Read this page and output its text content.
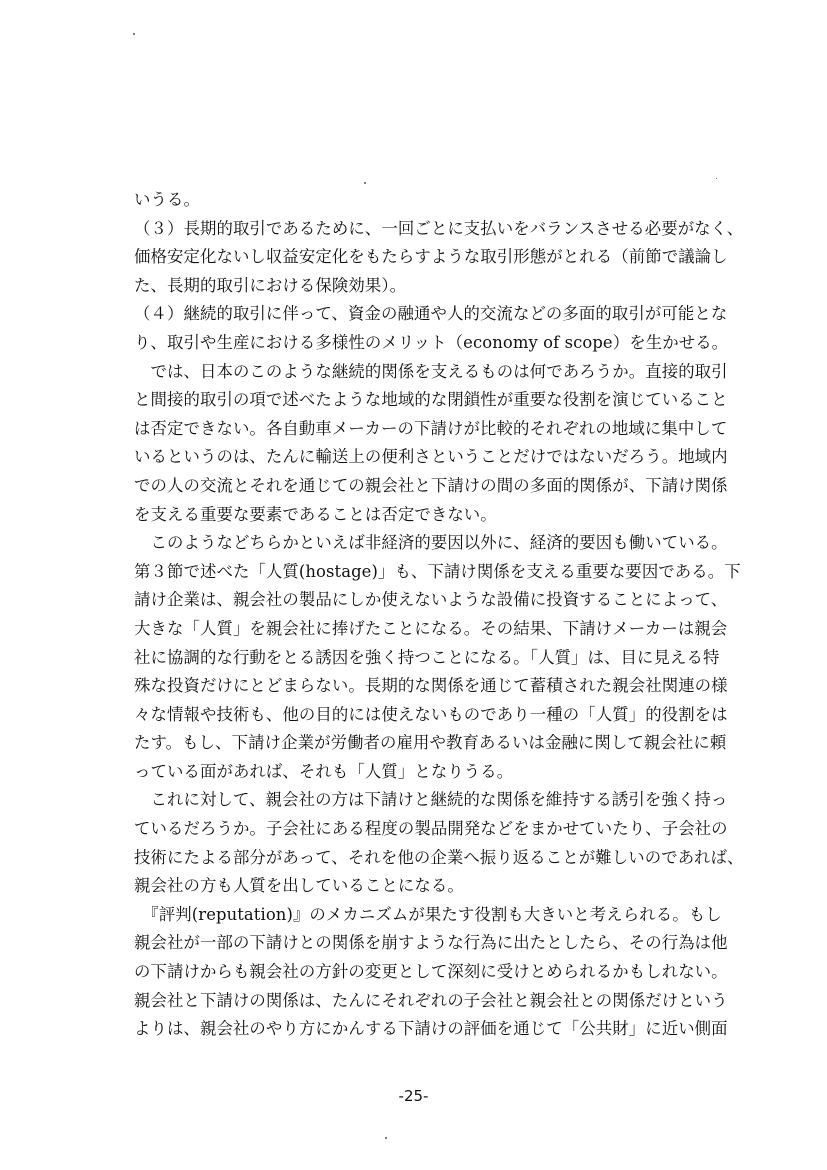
いうる。
（３）長期的取引であるために、一回ごとに支払いをバランスさせる必要がなく、
価格安定化ないし収益安定化をもたらすような取引形態がとれる（前節で議論し
た、長期的取引における保険効果）。
（４）継続的取引に伴って、資金の融通や人的交流などの多面的取引が可能とな
り、取引や生産における多様性のメリット（economy of scope）を生かせる。
　では、日本のこのような継続的関係を支えるものは何であろうか。直接的取引
と間接的取引の項で述べたような地域的な閉鎖性が重要な役割を演じていること
は否定できない。各自動車メーカーの下請けが比較的それぞれの地域に集中して
いるというのは、たんに輸送上の便利さということだけではないだろう。地域内
での人の交流とそれを通じての親会社と下請けの間の多面的関係が、下請け関係
を支える重要な要素であることは否定できない。
　このようなどちらかといえば非経済的要因以外に、経済的要因も働いている。
第３節で述べた「人質(hostage)」も、下請け関係を支える重要な要因である。下
請け企業は、親会社の製品にしか使えないような設備に投資することによって、
大きな「人質」を親会社に捧げたことになる。その結果、下請けメーカーは親会
社に協調的な行動をとる誘因を強く持つことになる。「人質」は、目に見える特
殊な投資だけにとどまらない。長期的な関係を通じて蓄積された親会社関連の様
々な情報や技術も、他の目的には使えないものであり一種の「人質」的役割をは
たす。もし、下請け企業が労働者の雇用や教育あるいは金融に関して親会社に頼
っている面があれば、それも「人質」となりうる。
　これに対して、親会社の方は下請けと継続的な関係を維持する誘引を強く持っ
ているだろうか。子会社にある程度の製品開発などをまかせていたり、子会社の
技術にたよる部分があって、それを他の企業へ振り返ることが難しいのであれば、
親会社の方も人質を出していることになる。
　『評判(reputation)』のメカニズムが果たす役割も大きいと考えられる。もし
親会社が一部の下請けとの関係を崩すような行為に出たとしたら、その行為は他
の下請けからも親会社の方針の変更として深刻に受けとめられるかもしれない。
親会社と下請けの関係は、たんにそれぞれの子会社と親会社との関係だけという
よりは、親会社のやり方にかんする下請けの評価を通じて「公共財」に近い側面
-25-
